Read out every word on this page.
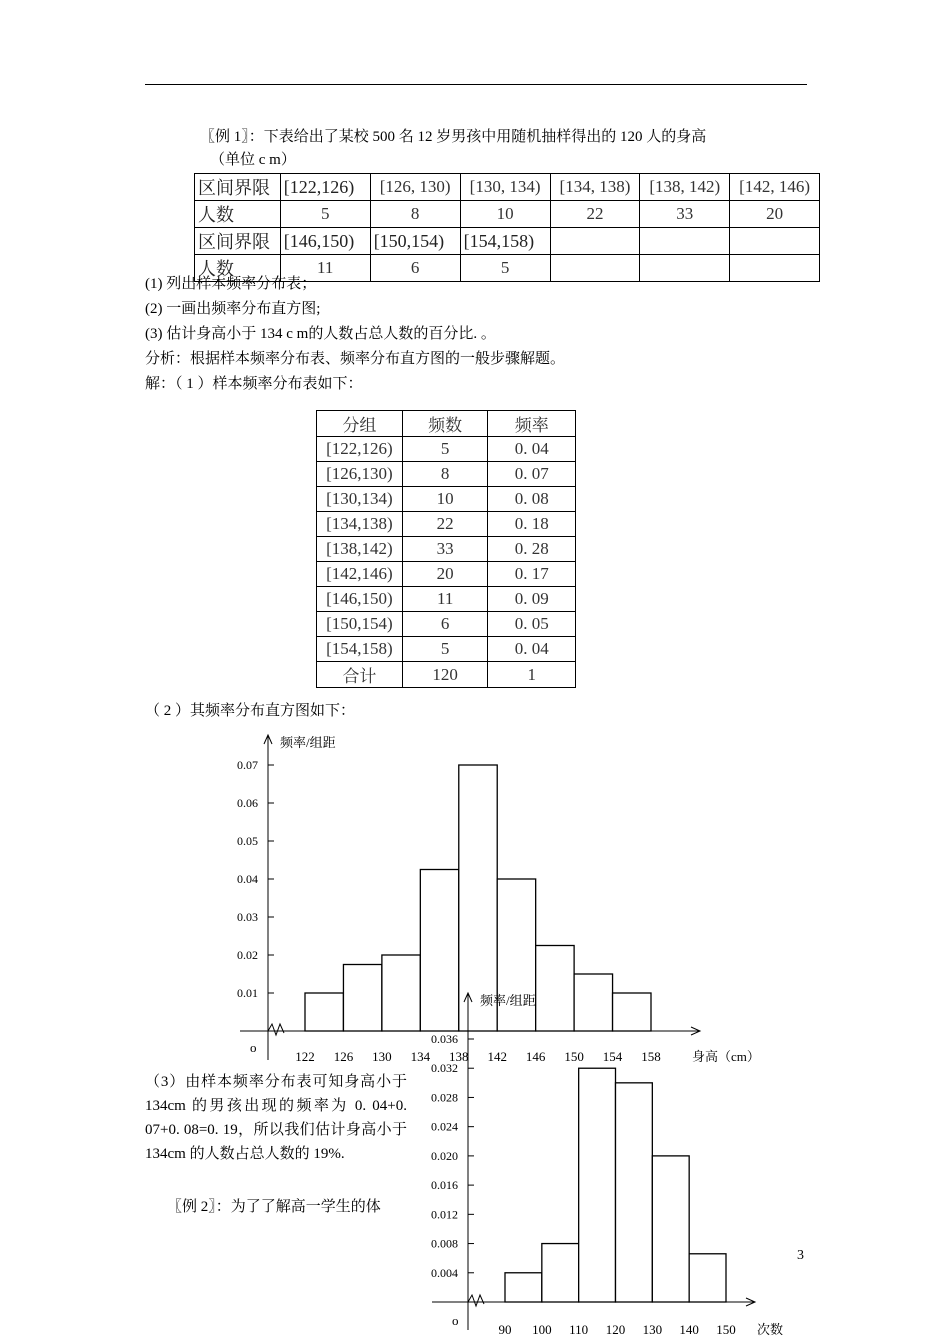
〖例 1〗：下表给出了某校 500 名 12 岁男孩中用随机抽样得出的 120 人的身高
（单位 c m）
区间界限	[122,126)	[126, 130)	[130, 134)	[134, 138)	[138, 142)	[142, 146)
人数	5	8	10	22	33	20
区间界限	[146,150)	[150,154)	[154,158)			
人数	11	6	5			
(1) 列出样本频率分布表；
(2) 一画出频率分布直方图;
(3) 估计身高小于 134 c m的人数占总人数的百分比. 。
分析：根据样本频率分布表、频率分布直方图的一般步骤解题。
解：（ 1 ）样本频率分布表如下：
分组	频数	频率
[122,126)	5	0. 04
[126,130)	8	0. 07
[130,134)	10	0. 08
[134,138)	22	0. 18
[138,142)	33	0. 28
[142,146)	20	0. 17
[146,150)	11	0. 09
[150,154)	6	0. 05
[154,158)	5	0. 04
合计	120	1
（ 2 ）其频率分布直方图如下：
0.01
0.02
0.03
0.04
0.05
0.06
0.07
122 126 130 134 138 142 146 150 154 158
频率/组距
身高（cm）
o
0.004
0.008
0.012
0.016
0.020
0.024
0.028
0.032
0.036
90 100 110 120 130 140 150
频率/组距
次数
o
（3）由样本频率分布表可知身高小于 134cm 的男孩出现的频率为 0. 04+0. 07+0. 08=0. 19，所以我们估计身高小于 134cm 的人数占总人数的 19%.
〖例 2〗：为了了解高一学生的体
3
